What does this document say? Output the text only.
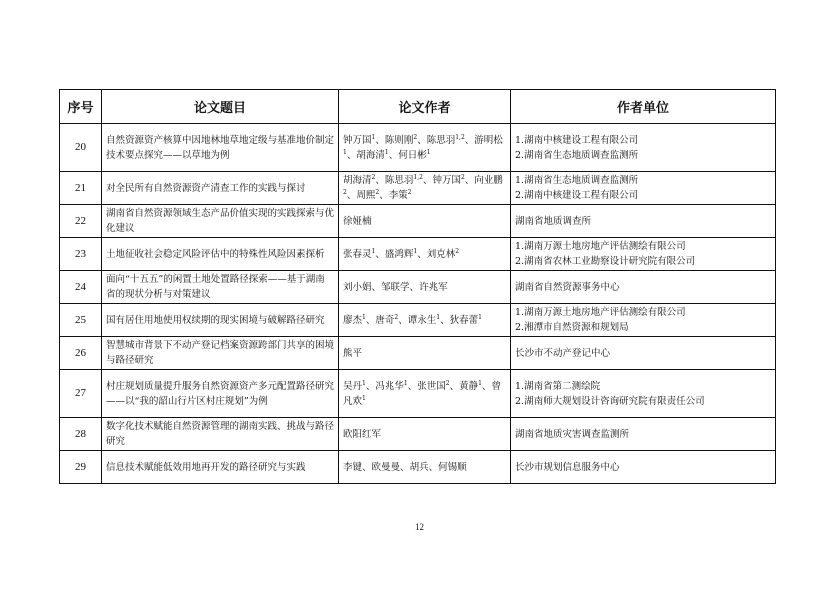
序号	论文题目	论文作者	作者单位
20	自然资源资产核算中因地林地草地定级与基准地价制定技术要点探究——以草地为例	钟万国$^1$、陈则刚$^2$、陈思羽$^{1,2}$、游明松$^1$、胡海清$^1$、何日彬$^1$	1.湖南中核建设工程有限公司
2.湖南省生态地质调查监测所

21	对全民所有自然资源资产清查工作的实践与探讨	胡海清$^2$、陈思羽$^{1,2}$、钟万国$^2$、向业鹏$^2$、周熙$^2$、李策$^2$	1.湖南省生态地质调查监测所
2.湖南中核建设工程有限公司

22	湖南省自然资源领域生态产品价值实现的实践探索与优化建议	徐娅楠	湖南省地质调查所

23	土地征收社会稳定风险评估中的特殊性风险因素探析	张春灵$^1$、盛鸿辉$^1$、刘克林$^2$	1.湖南万源土地房地产评估测绘有限公司
2.湖南省农林工业勘察设计研究院有限公司

24	面向“十五五”的闲置土地处置路径探索——基于湖南省的现状分析与对策建议	刘小娟、邹联学、许兆军	湖南省自然资源事务中心

25	国有居住用地使用权续期的现实困境与破解路径研究	廖杰$^1$、唐奇$^2$、谭永生$^1$、狄春蕾$^1$	1.湖南万源土地房地产评估测绘有限公司
2.湘潭市自然资源和规划局

26	智慧城市背景下不动产登记档案资源跨部门共享的困境与路径研究	熊平	长沙市不动产登记中心

27	村庄规划质量提升服务自然资源资产多元配置路径研究——以“我的韶山行片区村庄规划”为例	吴丹$^1$、冯兆华$^1$、张世国$^2$、黄静$^1$、曾凡欢$^1$	1.湖南省第二测绘院
2.湖南师大规划设计咨询研究院有限责任公司

28	数字化技术赋能自然资源管理的湖南实践、挑战与路径研究	欧阳红军	湖南省地质灾害调查监测所

29	信息技术赋能低效用地再开发的路径研究与实践	李键、欧曼曼、胡兵、何锡顺	长沙市规划信息服务中心
12
